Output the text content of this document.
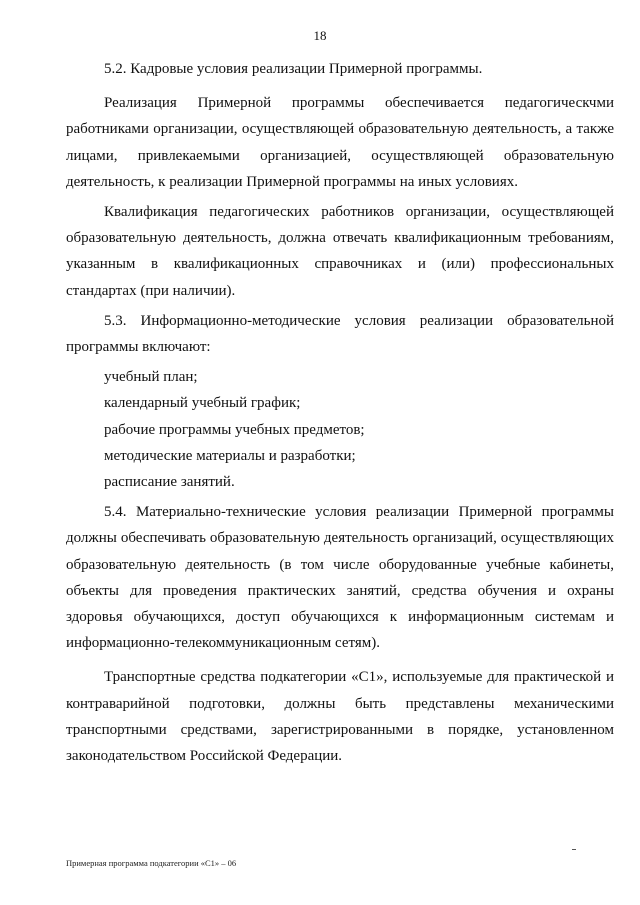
18

5.2. Кадровые условия реализации Примерной программы.

Реализация Примерной программы обеспечивается педагогическчми работниками организации, осуществляющей образовательную деятельность, а также лицами, привлекаемыми организацией, осуществляющей образовательную деятельность, к реализации Примерной программы на иных условиях.

Квалификация педагогических работников организации, осуществляющей образовательную деятельность, должна отвечать квалификационным требованиям, указанным в квалификационных справочниках и (или) профессиональных стандартах (при наличии).

5.3. Информационно-методические условия реализации образовательной программы включают:

учебный план;
календарный учебный график;
рабочие программы учебных предметов;
методические материалы и разработки;
расписание занятий.

5.4. Материально-технические условия реализации Примерной программы должны обеспечивать образовательную деятельность организаций, осуществляющих образовательную деятельность (в том числе оборудованные учебные кабинеты, объекты для проведения практических занятий, средства обучения и охраны здоровья обучающихся, доступ обучающихся к информационным системам и информационно-телекоммуникационным сетям).

Транспортные средства подкатегории «С1», используемые для практической и контраварийной подготовки, должны быть представлены механическими транспортными средствами, зарегистрированными в порядке, установленном законодательством Российской Федерации.

Примерная программа подкатегории «С1» – 06
